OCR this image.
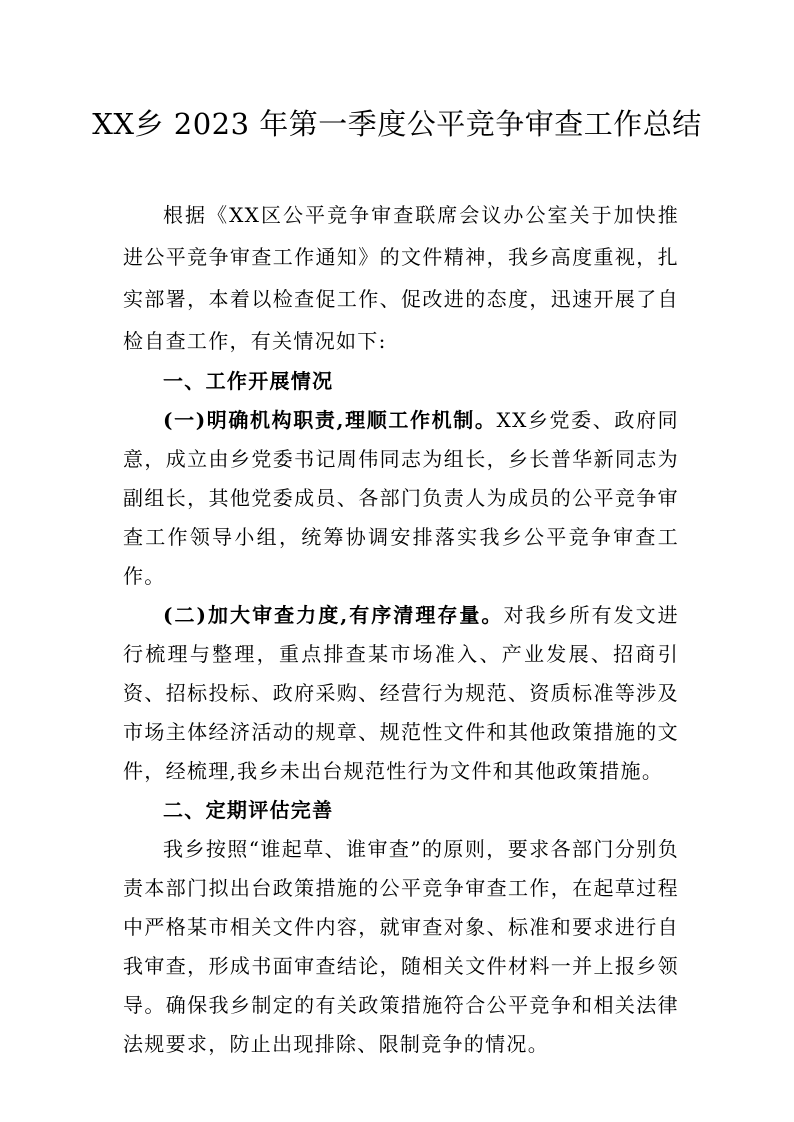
XX乡 2023 年第一季度公平竞争审查工作总结

根据《XX区公平竞争审查联席会议办公室关于加快推进公平竞争审查工作通知》的文件精神，我乡高度重视，扎实部署，本着以检查促工作、促改进的态度，迅速开展了自检自查工作，有关情况如下:

一、工作开展情况

(一)明确机构职责,理顺工作机制。XX乡党委、政府同意，成立由乡党委书记周伟同志为组长，乡长普华新同志为副组长，其他党委成员、各部门负责人为成员的公平竞争审查工作领导小组，统筹协调安排落实我乡公平竞争审查工作。

(二)加大审查力度,有序清理存量。对我乡所有发文进行梳理与整理，重点排查某市场准入、产业发展、招商引资、招标投标、政府采购、经营行为规范、资质标准等涉及市场主体经济活动的规章、规范性文件和其他政策措施的文件，经梳理,我乡未出台规范性行为文件和其他政策措施。

二、定期评估完善

我乡按照“谁起草、谁审查”的原则，要求各部门分别负责本部门拟出台政策措施的公平竞争审查工作，在起草过程中严格某市相关文件内容，就审查对象、标准和要求进行自我审查，形成书面审查结论，随相关文件材料一并上报乡领导。确保我乡制定的有关政策措施符合公平竞争和相关法律法规要求，防止出现排除、限制竞争的情况。
